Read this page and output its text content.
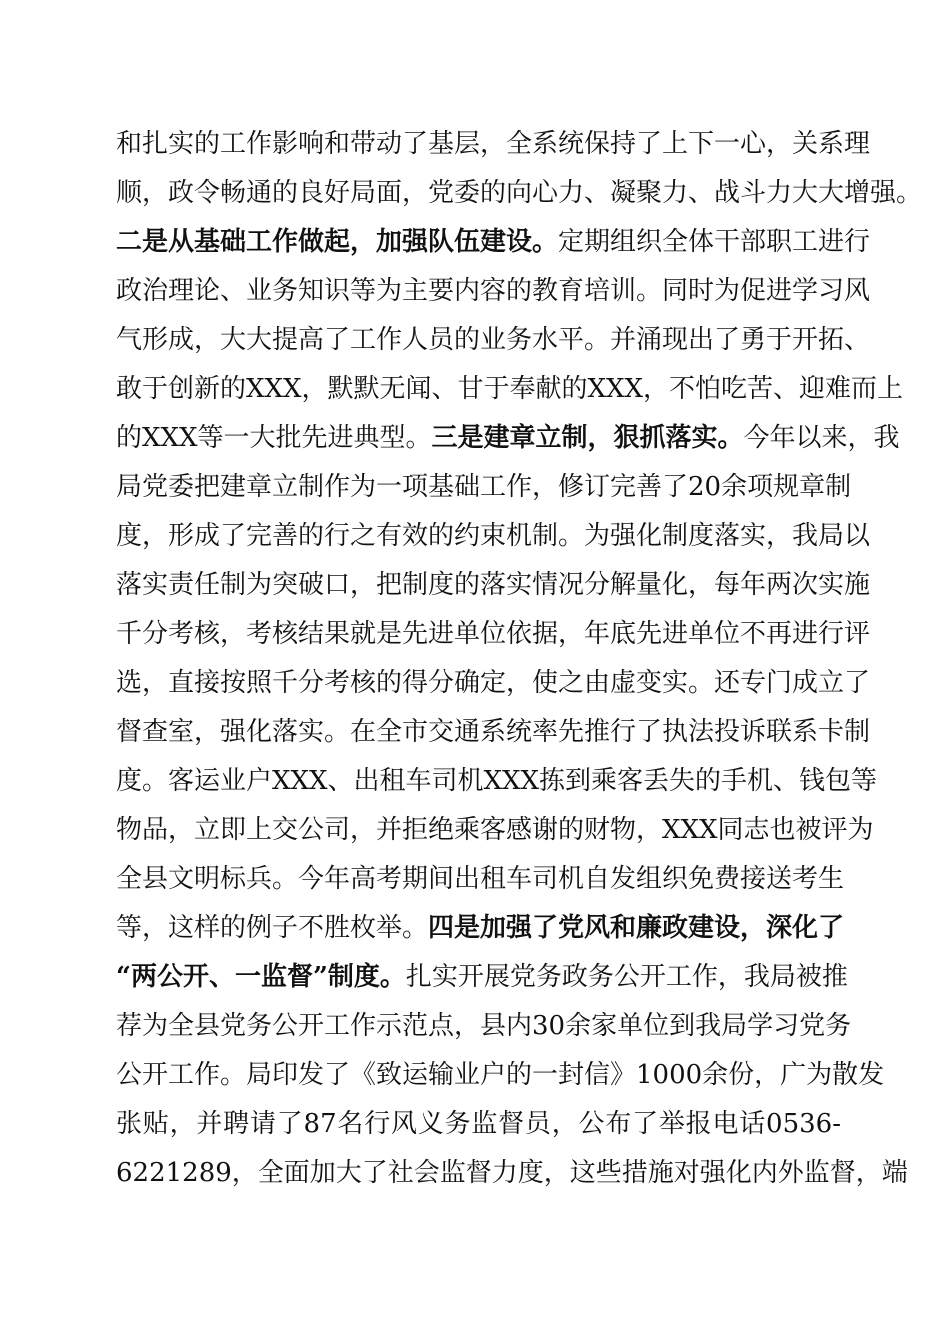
和扎实的工作影响和带动了基层，全系统保持了上下一心，关系理
顺，政令畅通的良好局面，党委的向心力、凝聚力、战斗力大大增强。
二是从基础工作做起，加强队伍建设。定期组织全体干部职工进行
政治理论、业务知识等为主要内容的教育培训。同时为促进学习风
气形成，大大提高了工作人员的业务水平。并涌现出了勇于开拓、
敢于创新的XXX，默默无闻、甘于奉献的XXX，不怕吃苦、迎难而上
的XXX等一大批先进典型。三是建章立制，狠抓落实。今年以来，我
局党委把建章立制作为一项基础工作，修订完善了20余项规章制
度，形成了完善的行之有效的约束机制。为强化制度落实，我局以
落实责任制为突破口，把制度的落实情况分解量化，每年两次实施
千分考核，考核结果就是先进单位依据，年底先进单位不再进行评
选，直接按照千分考核的得分确定，使之由虚变实。还专门成立了
督查室，强化落实。在全市交通系统率先推行了执法投诉联系卡制
度。客运业户XXX、出租车司机XXX拣到乘客丢失的手机、钱包等
物品，立即上交公司，并拒绝乘客感谢的财物，XXX同志也被评为
全县文明标兵。今年高考期间出租车司机自发组织免费接送考生
等，这样的例子不胜枚举。四是加强了党风和廉政建设，深化了
“两公开、一监督”制度。扎实开展党务政务公开工作，我局被推
荐为全县党务公开工作示范点，县内30余家单位到我局学习党务
公开工作。局印发了《致运输业户的一封信》1000余份，广为散发
张贴，并聘请了87名行风义务监督员，公布了举报电话0536-
6221289，全面加大了社会监督力度，这些措施对强化内外监督，端
